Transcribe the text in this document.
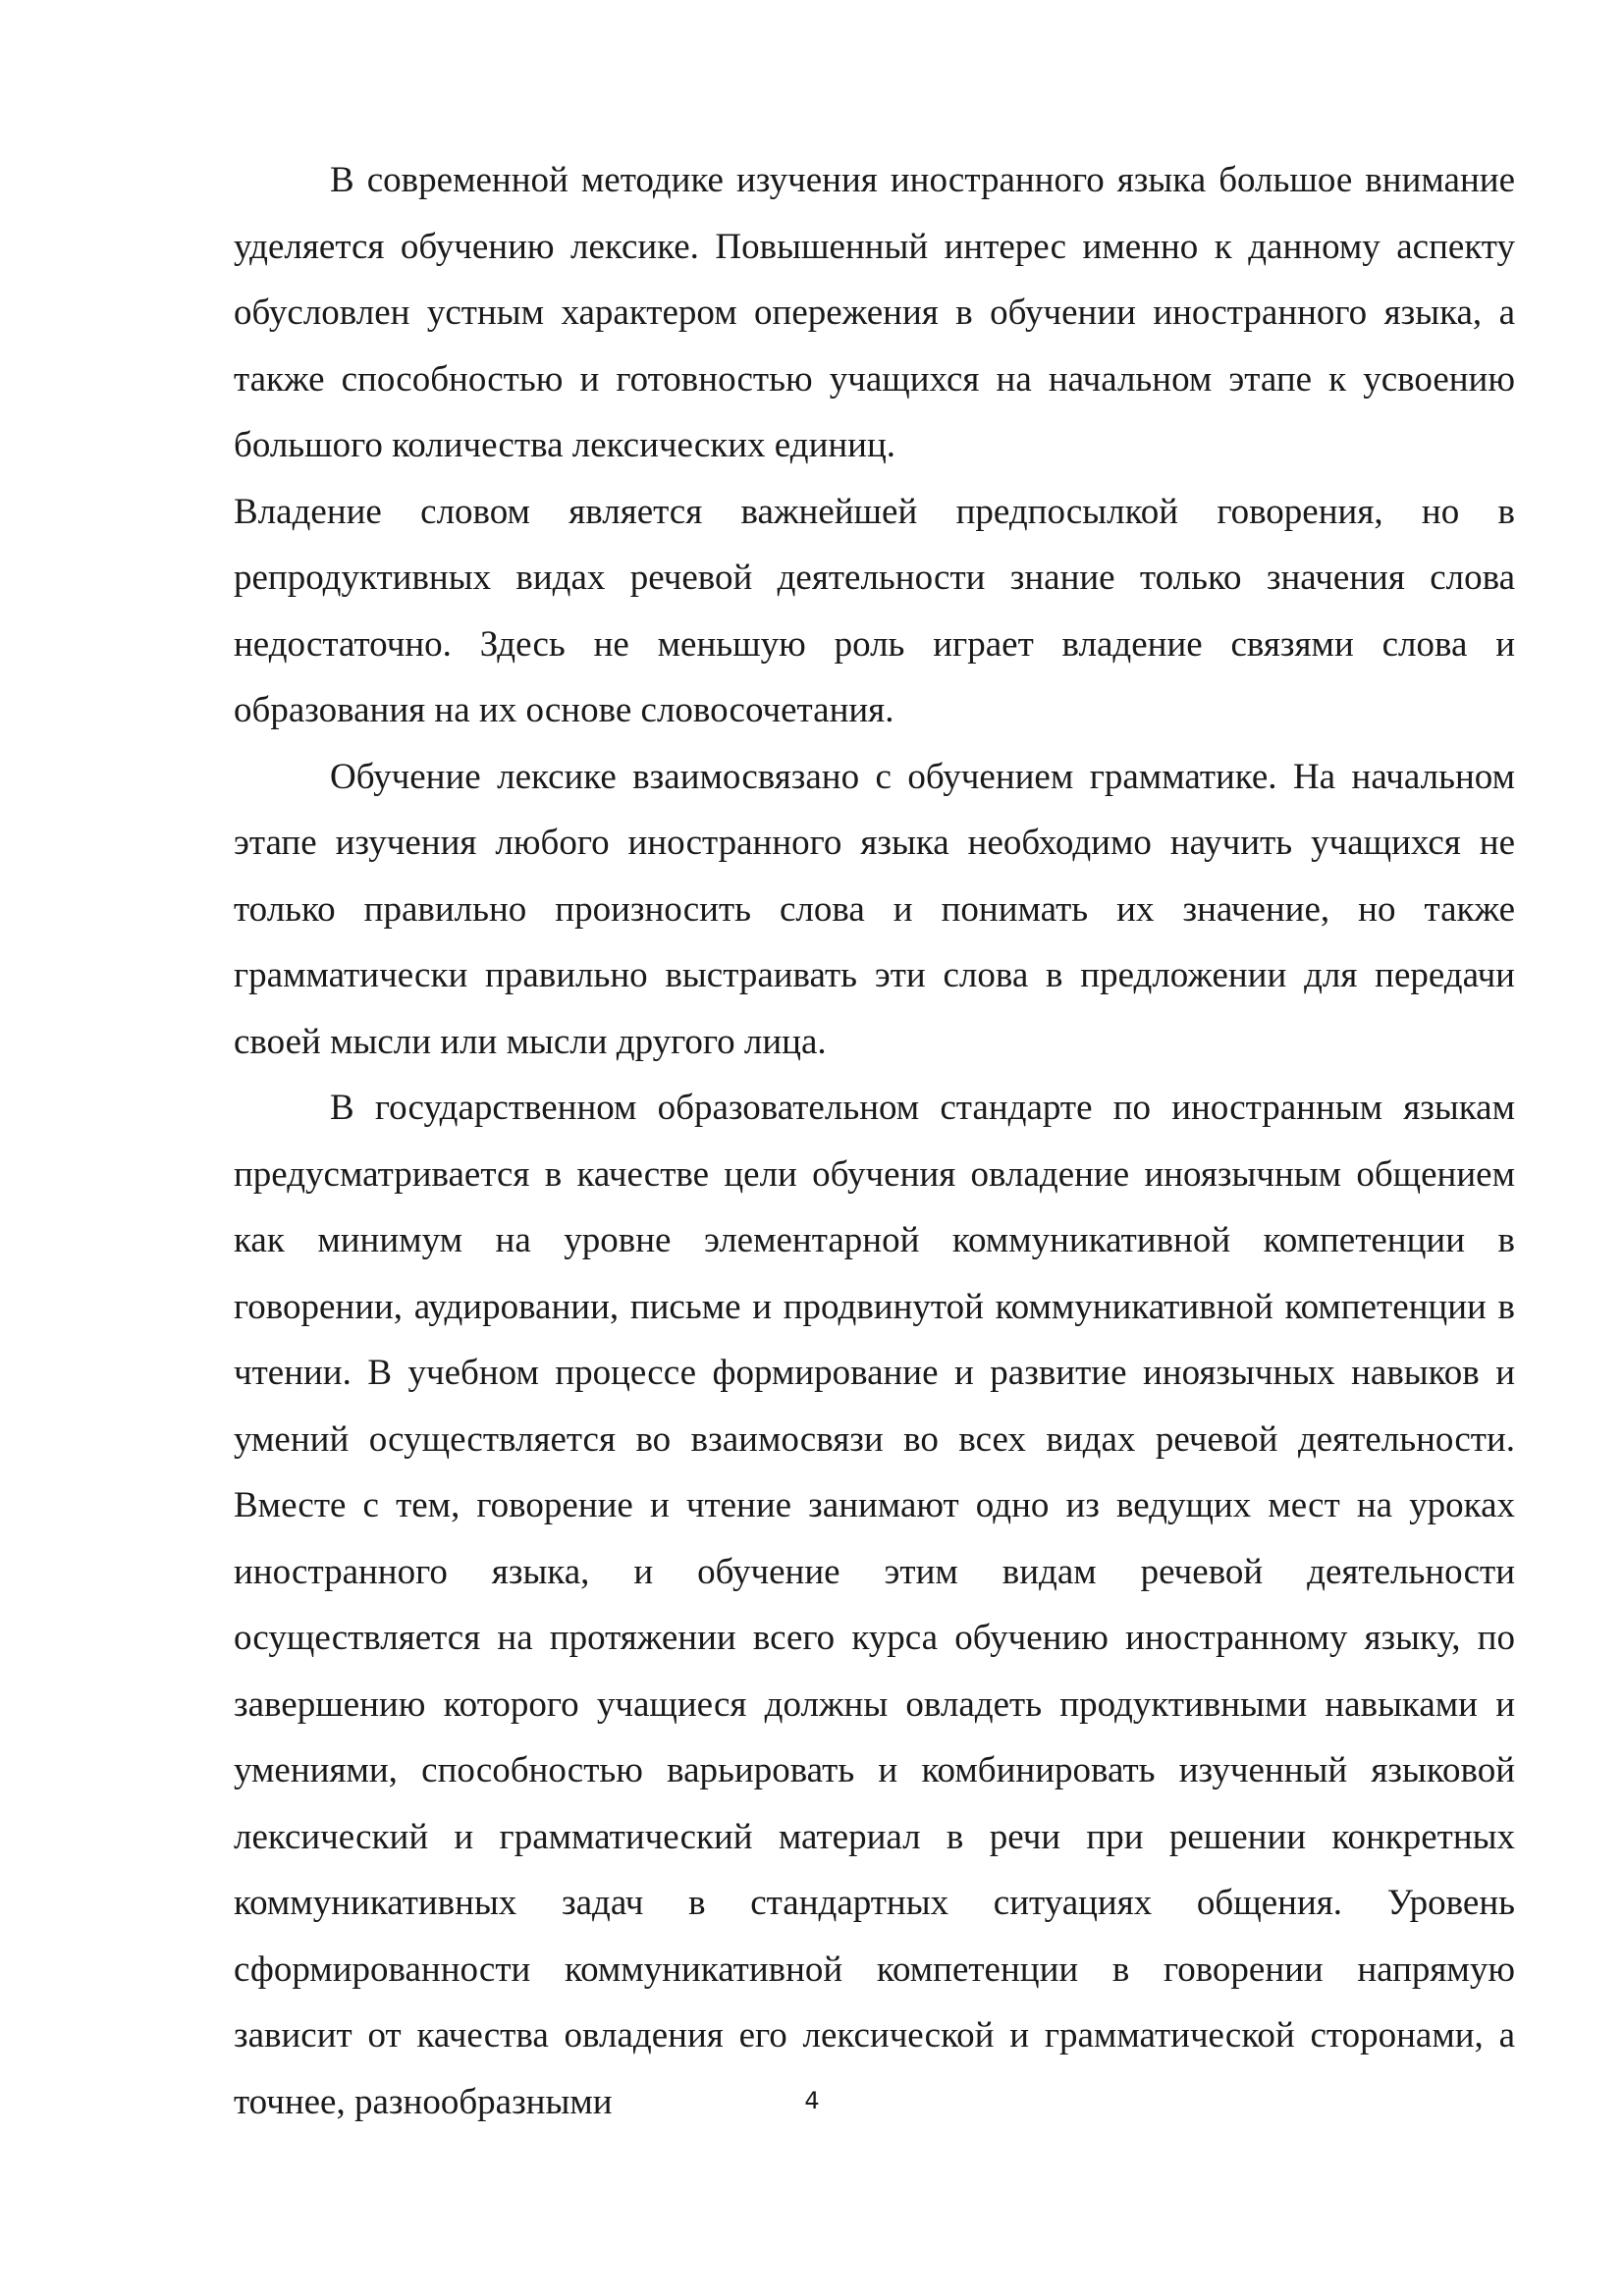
В современной методике изучения иностранного языка большое внимание уделяется обучению лексике. Повышенный интерес именно к данному аспекту обусловлен устным характером опережения в обучении иностранного языка, а также способностью и готовностью учащихся на начальном этапе к усвоению большого количества лексических единиц.

Владение словом является важнейшей предпосылкой говорения, но в репродуктивных видах речевой деятельности знание только значения слова недостаточно. Здесь не меньшую роль играет владение связями слова и образования на их основе словосочетания.

Обучение лексике взаимосвязано с обучением грамматике. На начальном этапе изучения любого иностранного языка необходимо научить учащихся не только правильно произносить слова и понимать их значение, но также грамматически правильно выстраивать эти слова в предложении для передачи своей мысли или мысли другого лица.

В государственном образовательном стандарте по иностранным языкам предусматривается в качестве цели обучения овладение иноязычным общением как минимум на уровне элементарной коммуникативной компетенции в говорении, аудировании, письме и продвинутой коммуникативной компетенции в чтении. В учебном процессе формирование и развитие иноязычных навыков и умений осуществляется во взаимосвязи во всех видах речевой деятельности. Вместе с тем, говорение и чтение занимают одно из ведущих мест на уроках иностранного языка, и обучение этим видам речевой деятельности осуществляется на протяжении всего курса обучению иностранному языку, по завершению которого учащиеся должны овладеть продуктивными навыками и умениями, способностью варьировать и комбинировать изученный языковой лексический и грамматический материал в речи при решении конкретных коммуникативных задач в стандартных ситуациях общения. Уровень сформированности коммуникативной компетенции в говорении напрямую зависит от качества овладения его лексической и грамматической сторонами, а точнее, разнообразными	4
